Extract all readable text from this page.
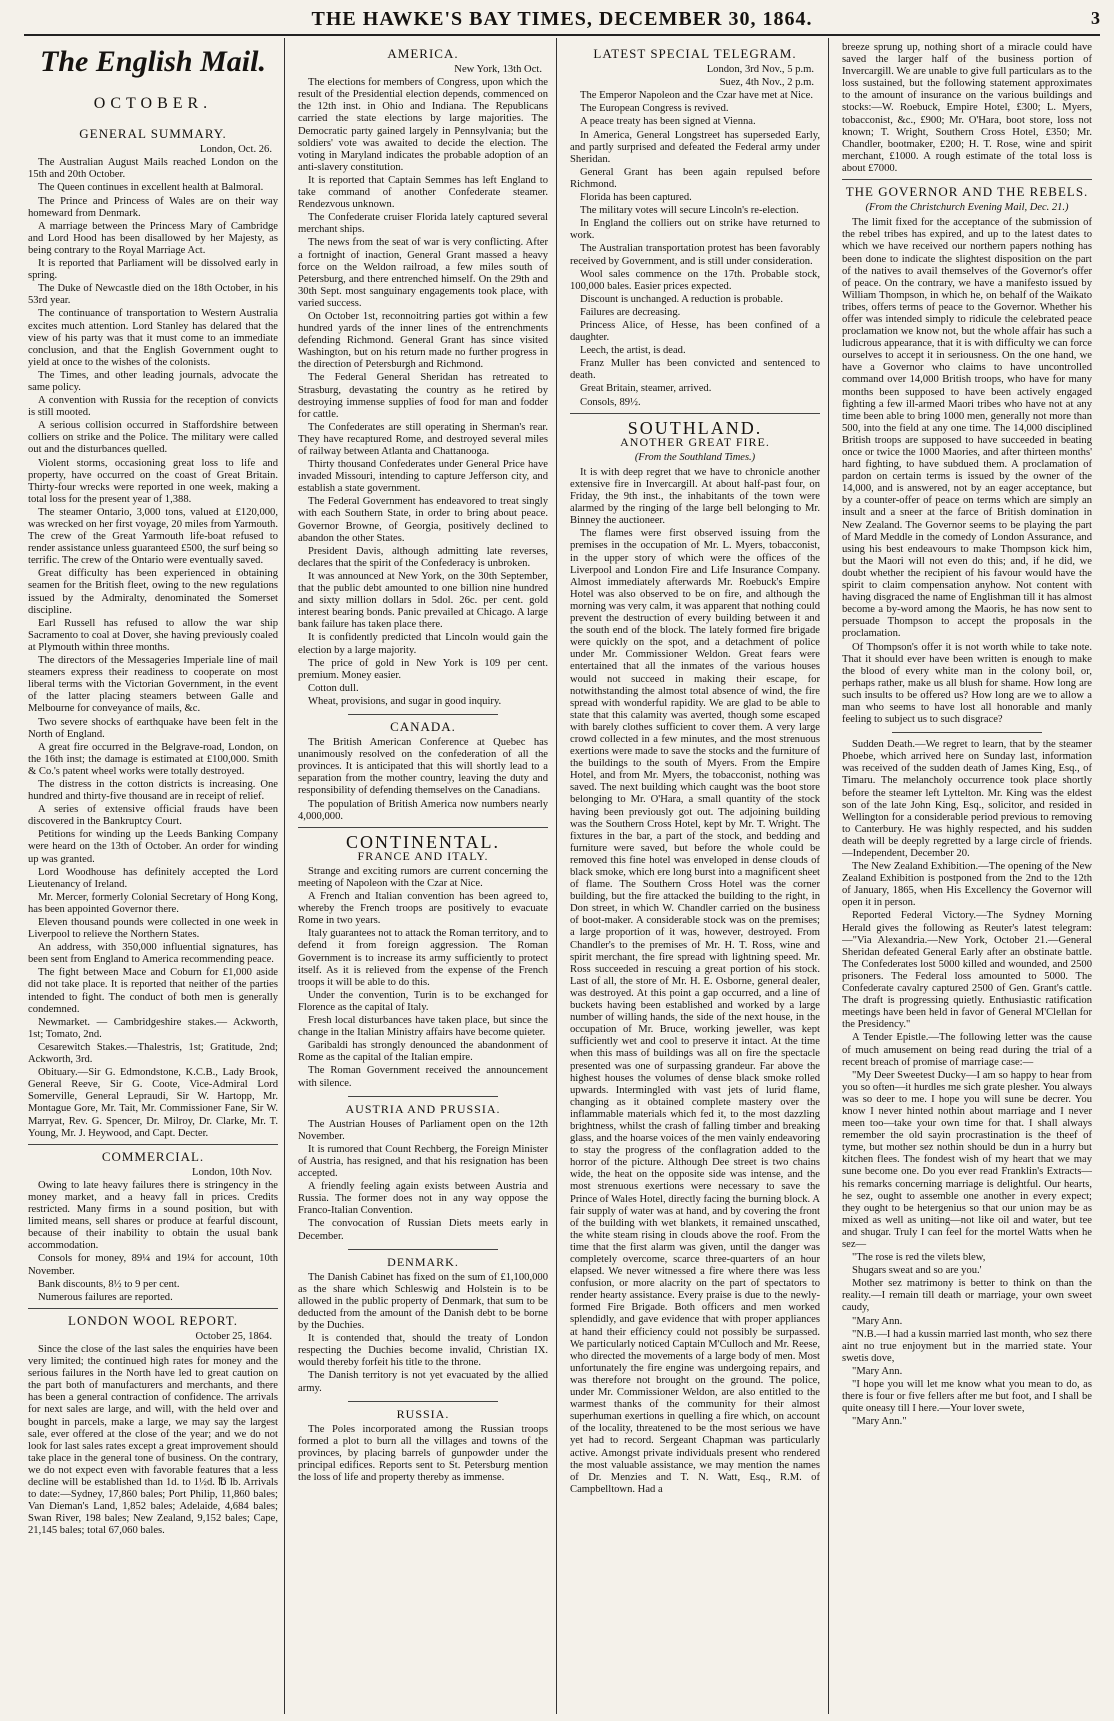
THE HAWKE'S BAY TIMES, DECEMBER 30, 1864.	3
The English Mail.
OCTOBER.
GENERAL SUMMARY.

London, Oct. 26.

The Australian August Mails reached London on the 15th and 20th October.

The Queen continues in excellent health at Balmoral.

The Prince and Princess of Wales are on their way homeward from Denmark.

A marriage between the Princess Mary of Cambridge and Lord Hood has been disallowed by her Majesty, as being contrary to the Royal Marriage Act.

It is reported that Parliament will be dissolved early in spring.

The Duke of Newcastle died on the 18th October, in his 53rd year.

The continuance of transportation to Western Australia excites much attention. Lord Stanley has delared that the view of his party was that it must come to an immediate conclusion, and that the English Government ought to yield at once to the wishes of the colonists.

The Times, and other leading journals, advocate the same policy.

A convention with Russia for the reception of convicts is still mooted.

A serious collision occurred in Staffordshire between colliers on strike and the Police. The military were called out and the disturbances quelled.

Violent storms, occasioning great loss to life and property, have occurred on the coast of Great Britain. Thirty-four wrecks were reported in one week, making a total loss for the present year of 1,388.

The steamer Ontario, 3,000 tons, valued at £120,000, was wrecked on her first voyage, 20 miles from Yarmouth. The crew of the Great Yarmouth life-boat refused to render assistance unless guaranteed £500, the surf being so terrific. The crew of the Ontario were eventually saved.

Great difficulty has been experienced in obtaining seamen for the British fleet, owing to the new regulations issued by the Admiralty, denominated the Somerset discipline.

Earl Russell has refused to allow the war ship Sacramento to coal at Dover, she having previously coaled at Plymouth within three months.

The directors of the Messageries Imperiale line of mail steamers express their readiness to cooperate on most liberal terms with the Victorian Government, in the event of the latter placing steamers between Galle and Melbourne for conveyance of mails, &c.

Two severe shocks of earthquake have been felt in the North of England.

A great fire occurred in the Belgrave-road, London, on the 16th inst; the damage is estimated at £100,000. Smith & Co.'s patent wheel works were totally destroyed.

The distress in the cotton districts is increasing. One hundred and thirty-five thousand are in receipt of relief.

A series of extensive official frauds have been discovered in the Bankruptcy Court.

Petitions for winding up the Leeds Banking Company were heard on the 13th of October. An order for winding up was granted.

Lord Woodhouse has definitely accepted the Lord Lieutenancy of Ireland.

Mr. Mercer, formerly Colonial Secretary of Hong Kong, has been appointed Governor there.

Eleven thousand pounds were collected in one week in Liverpool to relieve the Northern States.

An address, with 350,000 influential signatures, has been sent from England to America recommending peace.

The fight between Mace and Coburn for £1,000 aside did not take place. It is reported that neither of the parties intended to fight. The conduct of both men is generally condemned.

Newmarket. — Cambridgeshire stakes.— Ackworth, 1st; Tomato, 2nd.

Cesarewitch Stakes.—Thalestris, 1st; Gratitude, 2nd; Ackworth, 3rd.

Obituary.—Sir G. Edmondstone, K.C.B., Lady Brook, General Reeve, Sir G. Coote, Vice-Admiral Lord Somerville, General Lepraudi, Sir W. Hartopp, Mr. Montague Gore, Mr. Tait, Mr. Commissioner Fane, Sir W. Marryat, Rev. G. Spencer, Dr. Milroy, Dr. Clarke, Mr. T. Young, Mr. J. Heywood, and Capt. Decter.

COMMERCIAL.

London, 10th Nov.

Owing to late heavy failures there is stringency in the money market, and a heavy fall in prices. Credits restricted. Many firms in a sound position, but with limited means, sell shares or produce at fearful discount, because of their inability to obtain the usual bank accommodation.

Consols for money, 89¼ and 19¼ for account, 10th November.

Bank discounts, 8½ to 9 per cent.

Numerous failures are reported.

LONDON WOOL REPORT.

October 25, 1864.

Since the close of the last sales the enquiries have been very limited; the continued high rates for money and the serious failures in the North have led to great caution on the part both of manufacturers and merchants, and there has been a general contraction of confidence. The arrivals for next sales are large, and will, with the held over and bought in parcels, make a large, we may say the largest sale, ever offered at the close of the year; and we do not look for last sales rates except a great improvement should take place in the general tone of business. On the contrary, we do not expect even with favorable features that a less decline will be established than 1d. to 1½d. ℔ lb. Arrivals to date:—Sydney, 17,860 bales; Port Philip, 11,860 bales; Van Dieman's Land, 1,852 bales; Adelaide, 4,684 bales; Swan River, 198 bales; New Zealand, 9,152 bales; Cape, 21,145 bales; total 67,060 bales.

AMERICA.

New York, 13th Oct.

The elections for members of Congress, upon which the result of the Presidential election depends, commenced on the 12th inst. in Ohio and Indiana. The Republicans carried the state elections by large majorities. The Democratic party gained largely in Pennsylvania; but the soldiers' vote was awaited to decide the election. The voting in Maryland indicates the probable adoption of an anti-slavery constitution.

It is reported that Captain Semmes has left England to take command of another Confederate steamer. Rendezvous unknown.

The Confederate cruiser Florida lately captured several merchant ships.

The news from the seat of war is very conflicting. After a fortnight of inaction, General Grant massed a heavy force on the Weldon railroad, a few miles south of Petersburg, and there entrenched himself. On the 29th and 30th Sept. most sanguinary engagements took place, with varied success.

On October 1st, reconnoitring parties got within a few hundred yards of the inner lines of the entrenchments defending Richmond. General Grant has since visited Washington, but on his return made no further progress in the direction of Petersburgh and Richmond.

The Federal General Sheridan has retreated to Strasburg, devastating the country as he retired by destroying immense supplies of food for man and fodder for cattle.

The Confederates are still operating in Sherman's rear. They have recaptured Rome, and destroyed several miles of railway between Atlanta and Chattanooga.

Thirty thousand Confederates under General Price have invaded Missouri, intending to capture Jefferson city, and establish a state government.

The Federal Government has endeavored to treat singly with each Southern State, in order to bring about peace. Governor Browne, of Georgia, positively declined to abandon the other States.

President Davis, although admitting late reverses, declares that the spirit of the Confederacy is unbroken.

It was announced at New York, on the 30th September, that the public debt amounted to one billion nine hundred and sixty million dollars in 5dol. 26c. per cent. gold interest bearing bonds. Panic prevailed at Chicago. A large bank failure has taken place there.

It is confidently predicted that Lincoln would gain the election by a large majority.

The price of gold in New York is 109 per cent. premium. Money easier.

Cotton dull.

Wheat, provisions, and sugar in good inquiry.

CANADA.

The British American Conference at Quebec has unanimously resolved on the confederation of all the provinces. It is anticipated that this will shortly lead to a separation from the mother country, leaving the duty and responsibility of defending themselves on the Canadians.

The population of British America now numbers nearly 4,000,000.

CONTINENTAL.
FRANCE AND ITALY.

Strange and exciting rumors are current concerning the meeting of Napoleon with the Czar at Nice.

A French and Italian convention has been agreed to, whereby the French troops are positively to evacuate Rome in two years.

Italy guarantees not to attack the Roman territory, and to defend it from foreign aggression. The Roman Government is to increase its army sufficiently to protect itself. As it is relieved from the expense of the French troops it will be able to do this.

Under the convention, Turin is to be exchanged for Florence as the capital of Italy.

Fresh local disturbances have taken place, but since the change in the Italian Ministry affairs have become quieter.

Garibaldi has strongly denounced the abandonment of Rome as the capital of the Italian empire.

The Roman Government received the announcement with silence.

AUSTRIA AND PRUSSIA.

The Austrian Houses of Parliament open on the 12th November.

It is rumored that Count Rechberg, the Foreign Minister of Austria, has resigned, and that his resignation has been accepted.

A friendly feeling again exists between Austria and Russia. The former does not in any way oppose the Franco-Italian Convention.

The convocation of Russian Diets meets early in December.

DENMARK.

The Danish Cabinet has fixed on the sum of £1,100,000 as the share which Schleswig and Holstein is to be allowed in the public property of Denmark, that sum to be deducted from the amount of the Danish debt to be borne by the Duchies.

It is contended that, should the treaty of London respecting the Duchies become invalid, Christian IX. would thereby forfeit his title to the throne.

The Danish territory is not yet evacuated by the allied army.

RUSSIA.

The Poles incorporated among the Russian troops formed a plot to burn all the villages and towns of the provinces, by placing barrels of gunpowder under the principal edifices. Reports sent to St. Petersburg mention the loss of life and property thereby as immense.

LATEST SPECIAL TELEGRAM.

London, 3rd Nov., 5 p.m.

Suez, 4th Nov., 2 p.m.

The Emperor Napoleon and the Czar have met at Nice.

The European Congress is revived.

A peace treaty has been signed at Vienna.

In America, General Longstreet has superseded Early, and partly surprised and defeated the Federal army under Sheridan.

General Grant has been again repulsed before Richmond.

Florida has been captured.

The military votes will secure Lincoln's re-election.

In England the colliers out on strike have returned to work.

The Australian transportation protest has been favorably received by Government, and is still under consideration.

Wool sales commence on the 17th. Probable stock, 100,000 bales. Easier prices expected.

Discount is unchanged. A reduction is probable.

Failures are decreasing.

Princess Alice, of Hesse, has been confined of a daughter.

Leech, the artist, is dead.

Franz Muller has been convicted and sentenced to death.

Great Britain, steamer, arrived.

Consols, 89½.

SOUTHLAND.
ANOTHER GREAT FIRE.
(From the Southland Times.)

It is with deep regret that we have to chronicle another extensive fire in Invercargill. At about half-past four, on Friday, the 9th inst., the inhabitants of the town were alarmed by the ringing of the large bell belonging to Mr. Binney the auctioneer.

The flames were first observed issuing from the premises in the occupation of Mr. L. Myers, tobacconist, in the upper story of which were the offices of the Liverpool and London Fire and Life Insurance Company. Almost immediately afterwards Mr. Roebuck's Empire Hotel was also observed to be on fire, and although the morning was very calm, it was apparent that nothing could prevent the destruction of every building between it and the south end of the block. The lately formed fire brigade were quickly on the spot, and a detachment of police under Mr. Commissioner Weldon. Great fears were entertained that all the inmates of the various houses would not succeed in making their escape, for notwithstanding the almost total absence of wind, the fire spread with wonderful rapidity. We are glad to be able to state that this calamity was averted, though some escaped with barely clothes sufficient to cover them. A very large crowd collected in a few minutes, and the most strenuous exertions were made to save the stocks and the furniture of the buildings to the south of Myers. From the Empire Hotel, and from Mr. Myers, the tobacconist, nothing was saved. The next building which caught was the boot store belonging to Mr. O'Hara, a small quantity of the stock having been previously got out. The adjoining building was the Southern Cross Hotel, kept by Mr. T. Wright. The fixtures in the bar, a part of the stock, and bedding and furniture were saved, but before the whole could be removed this fine hotel was enveloped in dense clouds of black smoke, which ere long burst into a magnificent sheet of flame. The Southern Cross Hotel was the corner building, but the fire attacked the building to the right, in Don street, in which W. Chandler carried on the business of boot-maker. A considerable stock was on the premises; a large proportion of it was, however, destroyed. From Chandler's to the premises of Mr. H. T. Ross, wine and spirit merchant, the fire spread with lightning speed. Mr. Ross succeeded in rescuing a great portion of his stock. Last of all, the store of Mr. H. E. Osborne, general dealer, was destroyed. At this point a gap occurred, and a line of buckets having been established and worked by a large number of willing hands, the side of the next house, in the occupation of Mr. Bruce, working jeweller, was kept sufficiently wet and cool to preserve it intact. At the time when this mass of buildings was all on fire the spectacle presented was one of surpassing grandeur. Far above the highest houses the volumes of dense black smoke rolled upwards. Intermingled with vast jets of lurid flame, changing as it obtained complete mastery over the inflammable materials which fed it, to the most dazzling brightness, whilst the crash of falling timber and breaking glass, and the hoarse voices of the men vainly endeavoring to stay the progress of the conflagration added to the horror of the picture. Although Dee street is two chains wide, the heat on the opposite side was intense, and the most strenuous exertions were necessary to save the Prince of Wales Hotel, directly facing the burning block. A fair supply of water was at hand, and by covering the front of the building with wet blankets, it remained unscathed, the white steam rising in clouds above the roof. From the time that the first alarm was given, until the danger was completely overcome, scarce three-quarters of an hour elapsed. We never witnessed a fire where there was less confusion, or more alacrity on the part of spectators to render hearty assistance. Every praise is due to the newly-formed Fire Brigade. Both officers and men worked splendidly, and gave evidence that with proper appliances at hand their efficiency could not possibly be surpassed. We particularly noticed Captain M'Culloch and Mr. Reese, who directed the movements of a large body of men. Most unfortunately the fire engine was undergoing repairs, and was therefore not brought on the ground. The police, under Mr. Commissioner Weldon, are also entitled to the warmest thanks of the community for their almost superhuman exertions in quelling a fire which, on account of the locality, threatened to be the most serious we have yet had to record. Sergeant Chapman was particularly active. Amongst private individuals present who rendered the most valuable assistance, we may mention the names of Dr. Menzies and T. N. Watt, Esq., R.M. of Campbelltown. Had a

breeze sprung up, nothing short of a miracle could have saved the larger half of the business portion of Invercargill. We are unable to give full particulars as to the loss sustained, but the following statement approximates to the amount of insurance on the various buildings and stocks:—W. Roebuck, Empire Hotel, £300; L. Myers, tobacconist, &c., £900; Mr. O'Hara, boot store, loss not known; T. Wright, Southern Cross Hotel, £350; Mr. Chandler, bootmaker, £200; H. T. Rose, wine and spirit merchant, £1000. A rough estimate of the total loss is about £7000.

THE GOVERNOR AND THE REBELS.
(From the Christchurch Evening Mail, Dec. 21.)

The limit fixed for the acceptance of the submission of the rebel tribes has expired, and up to the latest dates to which we have received our northern papers nothing has been done to indicate the slightest disposition on the part of the natives to avail themselves of the Governor's offer of peace. On the contrary, we have a manifesto issued by William Thompson, in which he, on behalf of the Waikato tribes, offers terms of peace to the Governor. Whether his offer was intended simply to ridicule the celebrated peace proclamation we know not, but the whole affair has such a ludicrous appearance, that it is with difficulty we can force ourselves to accept it in seriousness. On the one hand, we have a Governor who claims to have uncontrolled command over 14,000 British troops, who have for many months been supposed to have been actively engaged fighting a few ill-armed Maori tribes who have not at any time been able to bring 1000 men, generally not more than 500, into the field at any one time. The 14,000 disciplined British troops are supposed to have succeeded in beating once or twice the 1000 Maories, and after thirteen months' hard fighting, to have subdued them. A proclamation of pardon on certain terms is issued by the owner of the 14,000, and is answered, not by an eager acceptance, but by a counter-offer of peace on terms which are simply an insult and a sneer at the farce of British domination in New Zealand. The Governor seems to be playing the part of Mard Meddle in the comedy of London Assurance, and using his best endeavours to make Thompson kick him, but the Maori will not even do this; and, if he did, we doubt whether the recipient of his favour would have the spirit to claim compensation anyhow. Not content with having disgraced the name of Englishman till it has almost become a by-word among the Maoris, he has now sent to persuade Thompson to accept the proposals in the proclamation.

Of Thompson's offer it is not worth while to take note. That it should ever have been written is enough to make the blood of every white man in the colony boil, or, perhaps rather, make us all blush for shame. How long are such insults to be offered us? How long are we to allow a man who seems to have lost all honorable and manly feeling to subject us to such disgrace?

Sudden Death.—We regret to learn, that by the steamer Phoebe, which arrived here on Sunday last, information was received of the sudden death of James King, Esq., of Timaru. The melancholy occurrence took place shortly before the steamer left Lyttelton. Mr. King was the eldest son of the late John King, Esq., solicitor, and resided in Wellington for a considerable period previous to removing to Canterbury. He was highly respected, and his sudden death will be deeply regretted by a large circle of friends.—Independent, December 20.

The New Zealand Exhibition.—The opening of the New Zealand Exhibition is postponed from the 2nd to the 12th of January, 1865, when His Excellency the Governor will open it in person.

Reported Federal Victory.—The Sydney Morning Herald gives the following as Reuter's latest telegram:—"Via Alexandria.—New York, October 21.—General Sheridan defeated General Early after an obstinate battle. The Confederates lost 5000 killed and wounded, and 2500 prisoners. The Federal loss amounted to 5000. The Confederate cavalry captured 2500 of Gen. Grant's cattle. The draft is progressing quietly. Enthusiastic ratification meetings have been held in favor of General M'Clellan for the Presidency."

A Tender Epistle.—The following letter was the cause of much amusement on being read during the trial of a recent breach of promise of marriage case:—

"My Deer Sweetest Ducky—I am so happy to hear from you so often—it hurdles me sich grate plesher. You always was so deer to me. I hope you will sune be decrer. You know I never hinted nothin about marriage and I never meen too—take your own time for that. I shall always remember the old sayin procrastination is the theef of tyme, but mother sez nothin should be dun in a hurry but kitchen flees. The fondest wish of my heart that we may sune become one. Do you ever read Franklin's Extracts—his remarks concerning marriage is delightful. Our hearts, he sez, ought to assemble one another in every expect; they ought to be hetergenius so that our union may be as mixed as well as uniting—not like oil and water, but tee and shugar. Truly I can feel for the mortel Watts when he sez—

"The rose is red the vilets blew,

Shugars sweat and so are you.'

Mother sez matrimony is better to think on than the reality.—I remain till death or marriage, your own sweet caudy,

"Mary Ann.

"N.B.—I had a kussin married last month, who sez there aint no true enjoyment but in the married state. Your swetis dove,

"Mary Ann.

"I hope you will let me know what you mean to do, as there is four or five fellers after me but foot, and I shall be quite oneasy till I here.—Your lover swete,

"Mary Ann."
